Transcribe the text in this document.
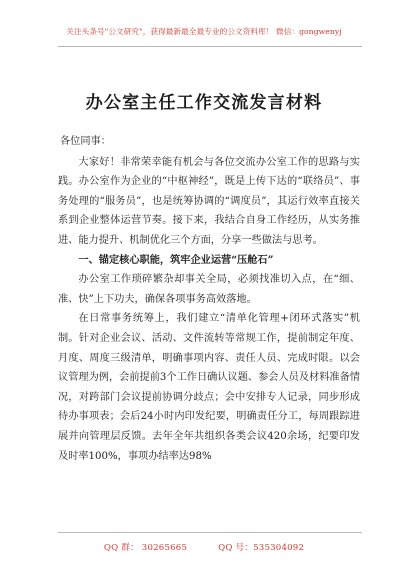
关注头条号"公文研究"，获得最新最全最专业的公文资料库！ 微信：gongwenyj
办公室主任工作交流发言材料

各位同事：

大家好！非常荣幸能有机会与各位交流办公室工作的思路与实践。办公室作为企业的“中枢神经”，既是上传下达的“联络员”、事务处理的“服务员”，也是统筹协调的“调度员”，其运行效率直接关系到企业整体运营节奏。接下来，我结合自身工作经历，从实务推进、能力提升、机制优化三个方面，分享一些做法与思考。

一、锚定核心职能，筑牢企业运营“压舱石”

办公室工作琐碎繁杂却事关全局，必须找准切入点，在“细、准、快”上下功夫，确保各项事务高效落地。

在日常事务统筹上，我们建立“清单化管理+闭环式落实”机制。针对企业会议、活动、文件流转等常规工作，提前制定年度、月度、周度三级清单，明确事项内容、责任人员、完成时限。以会议管理为例，会前提前3个工作日确认议题、参会人员及材料准备情况，对跨部门会议提前协调分歧点；会中安排专人记录，同步形成待办事项表；会后24小时内印发纪要，明确责任分工，每周跟踪进展并向管理层反馈。去年全年共组织各类会议420余场，纪要印发及时率100%，事项办结率达98%

QQ 群： 30265665	QQ 号：535304092
